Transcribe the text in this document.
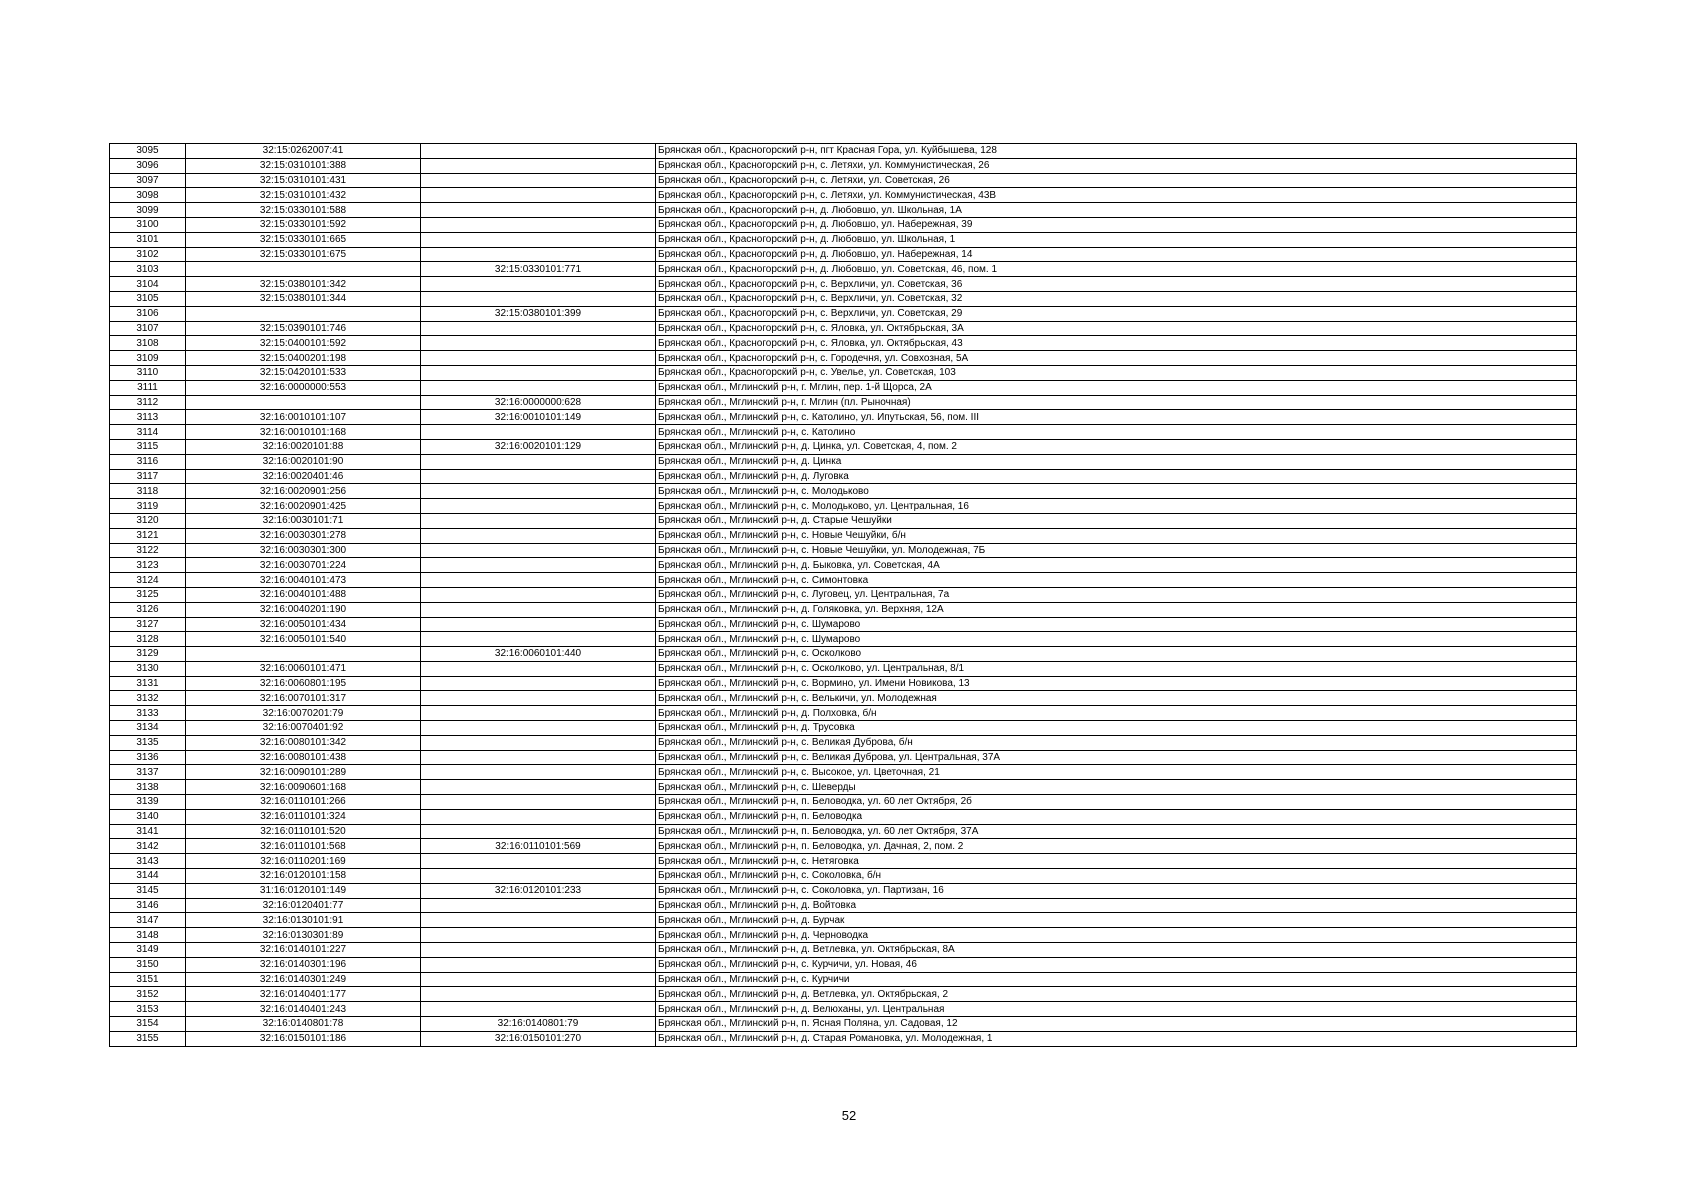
3095	32:15:0262007:41		Брянская обл., Красногорский р-н, пгт Красная Гора, ул. Куйбышева, 128
3096	32:15:0310101:388		Брянская обл., Красногорский р-н, с. Летяхи, ул. Коммунистическая, 26
3097	32:15:0310101:431		Брянская обл., Красногорский р-н, с. Летяхи, ул. Советская, 26
3098	32:15:0310101:432		Брянская обл., Красногорский р-н, с. Летяхи, ул. Коммунистическая, 43В
3099	32:15:0330101:588		Брянская обл., Красногорский р-н, д. Любовшо, ул. Школьная, 1А
3100	32:15:0330101:592		Брянская обл., Красногорский р-н, д. Любовшо, ул. Набережная, 39
3101	32:15:0330101:665		Брянская обл., Красногорский р-н, д. Любовшо, ул. Школьная, 1
3102	32:15:0330101:675		Брянская обл., Красногорский р-н, д. Любовшо, ул. Набережная, 14
3103		32:15:0330101:771	Брянская обл., Красногорский р-н, д. Любовшо, ул. Советская, 46, пом. 1
3104	32:15:0380101:342		Брянская обл., Красногорский р-н, с. Верхличи, ул. Советская, 36
3105	32:15:0380101:344		Брянская обл., Красногорский р-н, с. Верхличи, ул. Советская, 32
3106		32:15:0380101:399	Брянская обл., Красногорский р-н, с. Верхличи, ул. Советская, 29
3107	32:15:0390101:746		Брянская обл., Красногорский р-н, с. Яловка, ул. Октябрьская, 3А
3108	32:15:0400101:592		Брянская обл., Красногорский р-н, с. Яловка, ул. Октябрьская, 43
3109	32:15:0400201:198		Брянская обл., Красногорский р-н, с. Городечня, ул. Совхозная, 5А
3110	32:15:0420101:533		Брянская обл., Красногорский р-н, с. Увелье, ул. Советская, 103
3111	32:16:0000000:553		Брянская обл., Мглинский р-н, г. Мглин, пер. 1-й Щорса, 2А
3112		32:16:0000000:628	Брянская обл., Мглинский р-н, г. Мглин (пл. Рыночная)
3113	32:16:0010101:107	32:16:0010101:149	Брянская обл., Мглинский р-н, с. Католино, ул. Ипутьская, 56, пом. III
3114	32:16:0010101:168		Брянская обл., Мглинский р-н, с. Католино
3115	32:16:0020101:88	32:16:0020101:129	Брянская обл., Мглинский р-н, д. Цинка, ул. Советская, 4, пом. 2
3116	32:16:0020101:90		Брянская обл., Мглинский р-н, д. Цинка
3117	32:16:0020401:46		Брянская обл., Мглинский р-н, д. Луговка
3118	32:16:0020901:256		Брянская обл., Мглинский р-н, с. Молодьково
3119	32:16:0020901:425		Брянская обл., Мглинский р-н, с. Молодьково, ул. Центральная, 16
3120	32:16:0030101:71		Брянская обл., Мглинский р-н, д. Старые Чешуйки
3121	32:16:0030301:278		Брянская обл., Мглинский р-н, с. Новые Чешуйки, б/н
3122	32:16:0030301:300		Брянская обл., Мглинский р-н, с. Новые Чешуйки, ул. Молодежная, 7Б
3123	32:16:0030701:224		Брянская обл., Мглинский р-н, д. Быковка, ул. Советская, 4А
3124	32:16:0040101:473		Брянская обл., Мглинский р-н, с. Симонтовка
3125	32:16:0040101:488		Брянская обл., Мглинский р-н, с. Луговец, ул. Центральная, 7а
3126	32:16:0040201:190		Брянская обл., Мглинский р-н, д. Голяковка, ул. Верхняя, 12А
3127	32:16:0050101:434		Брянская обл., Мглинский р-н, с. Шумарово
3128	32:16:0050101:540		Брянская обл., Мглинский р-н, с. Шумарово
3129		32:16:0060101:440	Брянская обл., Мглинский р-н, с. Осколково
3130	32:16:0060101:471		Брянская обл., Мглинский р-н, с. Осколково, ул. Центральная, 8/1
3131	32:16:0060801:195		Брянская обл., Мглинский р-н, с. Вормино, ул. Имени Новикова, 13
3132	32:16:0070101:317		Брянская обл., Мглинский р-н, с. Велькичи, ул. Молодежная
3133	32:16:0070201:79		Брянская обл., Мглинский р-н, д. Полховка, б/н
3134	32:16:0070401:92		Брянская обл., Мглинский р-н, д. Трусовка
3135	32:16:0080101:342		Брянская обл., Мглинский р-н, с. Великая Дуброва, б/н
3136	32:16:0080101:438		Брянская обл., Мглинский р-н, с. Великая Дуброва, ул. Центральная, 37А
3137	32:16:0090101:289		Брянская обл., Мглинский р-н, с. Высокое, ул. Цветочная, 21
3138	32:16:0090601:168		Брянская обл., Мглинский р-н, с. Шеверды
3139	32:16:0110101:266		Брянская обл., Мглинский р-н, п. Беловодка, ул. 60 лет Октября, 2б
3140	32:16:0110101:324		Брянская обл., Мглинский р-н, п. Беловодка
3141	32:16:0110101:520		Брянская обл., Мглинский р-н, п. Беловодка, ул. 60 лет Октября, 37А
3142	32:16:0110101:568	32:16:0110101:569	Брянская обл., Мглинский р-н, п. Беловодка, ул. Дачная, 2, пом. 2
3143	32:16:0110201:169		Брянская обл., Мглинский р-н, с. Нетяговка
3144	32:16:0120101:158		Брянская обл., Мглинский р-н, с. Соколовка, б/н
3145	31:16:0120101:149	32:16:0120101:233	Брянская обл., Мглинский р-н, с. Соколовка, ул. Партизан, 16
3146	32:16:0120401:77		Брянская обл., Мглинский р-н, д. Войтовка
3147	32:16:0130101:91		Брянская обл., Мглинский р-н, д. Бурчак
3148	32:16:0130301:89		Брянская обл., Мглинский р-н, д. Черноводка
3149	32:16:0140101:227		Брянская обл., Мглинский р-н, д. Ветлевка, ул. Октябрьская, 8А
3150	32:16:0140301:196		Брянская обл., Мглинский р-н, с. Курчичи, ул. Новая, 46
3151	32:16:0140301:249		Брянская обл., Мглинский р-н, с. Курчичи
3152	32:16:0140401:177		Брянская обл., Мглинский р-н, д. Ветлевка, ул. Октябрьская, 2
3153	32:16:0140401:243		Брянская обл., Мглинский р-н, д. Велюханы, ул. Центральная
3154	32:16:0140801:78	32:16:0140801:79	Брянская обл., Мглинский р-н, п. Ясная Поляна, ул. Садовая, 12
3155	32:16:0150101:186	32:16:0150101:270	Брянская обл., Мглинский р-н, д. Старая Романовка, ул. Молодежная, 1
52
